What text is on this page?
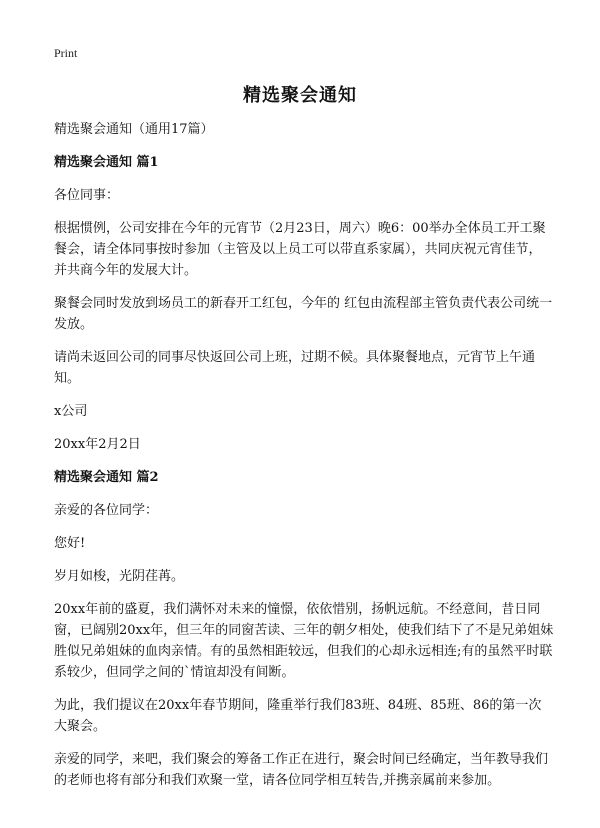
Print
精选聚会通知

精选聚会通知（通用17篇）

精选聚会通知 篇1

各位同事：

根据惯例，公司安排在今年的元宵节（2月23日，周六）晚6：00举办全体员工开工聚餐会，请全体同事按时参加（主管及以上员工可以带直系家属），共同庆祝元宵佳节，并共商今年的发展大计。

聚餐会同时发放到场员工的新春开工红包，今年的 红包由流程部主管负责代表公司统一发放。

请尚未返回公司的同事尽快返回公司上班，过期不候。具体聚餐地点，元宵节上午通知。

x公司

20xx年2月2日

精选聚会通知 篇2

亲爱的各位同学：

您好!

岁月如梭，光阴荏苒。

20xx年前的盛夏，我们满怀对未来的憧憬，依依惜别，扬帆远航。不经意间，昔日同窗，已阔别20xx年，但三年的同窗苦读、三年的朝夕相处，使我们结下了不是兄弟姐妹胜似兄弟姐妹的血肉亲情。有的虽然相距较远，但我们的心却永远相连;有的虽然平时联系较少，但同学之间的`情谊却没有间断。

为此，我们提议在20xx年春节期间，隆重举行我们83班、84班、85班、86的第一次大聚会。

亲爱的同学，来吧，我们聚会的筹备工作正在进行，聚会时间已经确定，当年教导我们的老师也将有部分和我们欢聚一堂，请各位同学相互转告,并携亲属前来参加。
